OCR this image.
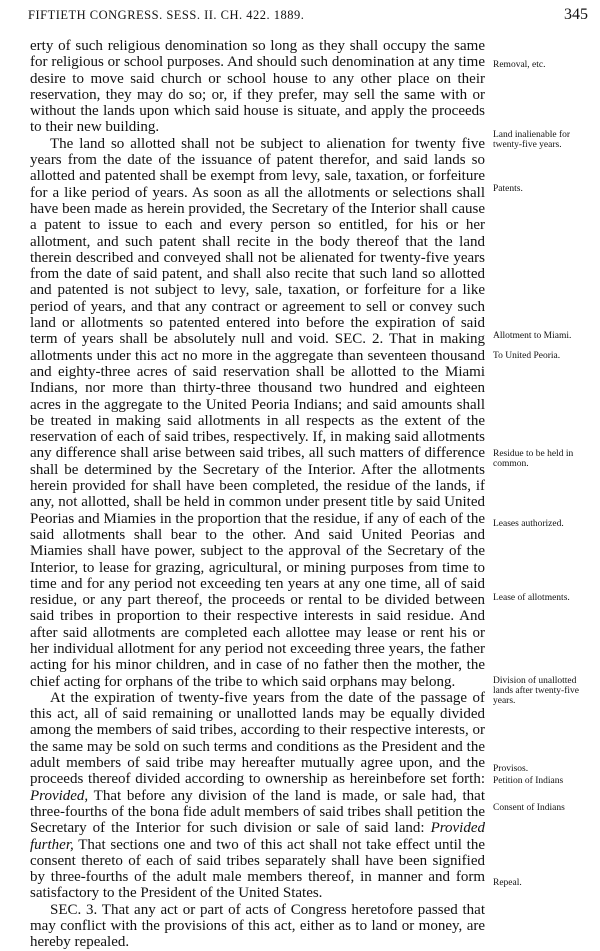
FIFTIETH CONGRESS. SESS. II. CH. 422. 1889.	345

erty of such religious denomination so long as they shall occupy the same for religious or school purposes. And should such denomination at any time desire to move said church or school house to any other place on their reservation, they may do so; or, if they prefer, may sell the same with or without the lands upon which said house is situate, and apply the proceeds to their new building.

The land so allotted shall not be subject to alienation for twenty five years from the date of the issuance of patent therefor, and said lands so allotted and patented shall be exempt from levy, sale, taxation, or forfeiture for a like period of years. As soon as all the allotments or selections shall have been made as herein provided, the Secretary of the Interior shall cause a patent to issue to each and every person so entitled, for his or her allotment, and such patent shall recite in the body thereof that the land therein described and conveyed shall not be alienated for twenty-five years from the date of said patent, and shall also recite that such land so allotted and patented is not subject to levy, sale, taxation, or forfeiture for a like period of years, and that any contract or agreement to sell or convey such land or allotments so patented entered into before the expiration of said term of years shall be absolutely null and void. SEC. 2. That in making allotments under this act no more in the aggregate than seventeen thousand and eighty-three acres of said reservation shall be allotted to the Miami Indians, nor more than thirty-three thousand two hundred and eighteen acres in the aggregate to the United Peoria Indians; and said amounts shall be treated in making said allotments in all respects as the extent of the reservation of each of said tribes, respectively. If, in making said allotments any difference shall arise between said tribes, all such matters of difference shall be determined by the Secretary of the Interior. After the allotments herein provided for shall have been completed, the residue of the lands, if any, not allotted, shall be held in common under present title by said United Peorias and Miamies in the proportion that the residue, if any of each of the said allotments shall bear to the other. And said United Peorias and Miamies shall have power, subject to the approval of the Secretary of the Interior, to lease for grazing, agricultural, or mining purposes from time to time and for any period not exceeding ten years at any one time, all of said residue, or any part thereof, the proceeds or rental to be divided between said tribes in proportion to their respective interests in said residue. And after said allotments are completed each allottee may lease or rent his or her individual allotment for any period not exceeding three years, the father acting for his minor children, and in case of no father then the mother, the chief acting for orphans of the tribe to which said orphans may belong.

At the expiration of twenty-five years from the date of the passage of this act, all of said remaining or unallotted lands may be equally divided among the members of said tribes, according to their respective interests, or the same may be sold on such terms and conditions as the President and the adult members of said tribe may hereafter mutually agree upon, and the proceeds thereof divided according to ownership as hereinbefore set forth: Provided, That before any division of the land is made, or sale had, that three-fourths of the bona fide adult members of said tribes shall petition the Secretary of the Interior for such division or sale of said land: Provided further, That sections one and two of this act shall not take effect until the consent thereto of each of said tribes separately shall have been signified by three-fourths of the adult male members thereof, in manner and form satisfactory to the President of the United States.

SEC. 3. That any act or part of acts of Congress heretofore passed that may conflict with the provisions of this act, either as to land or money, are hereby repealed.

Removal, etc.
Land inalienable for twenty-five years.
Patents.
Allotment to Miami.
To United Peoria.
Residue to be held in common.
Leases authorized.
Lease of allotments.
Division of unallotted lands after twenty-five years.
Provisos.
Petition of Indians
Consent of Indians
Repeal.
